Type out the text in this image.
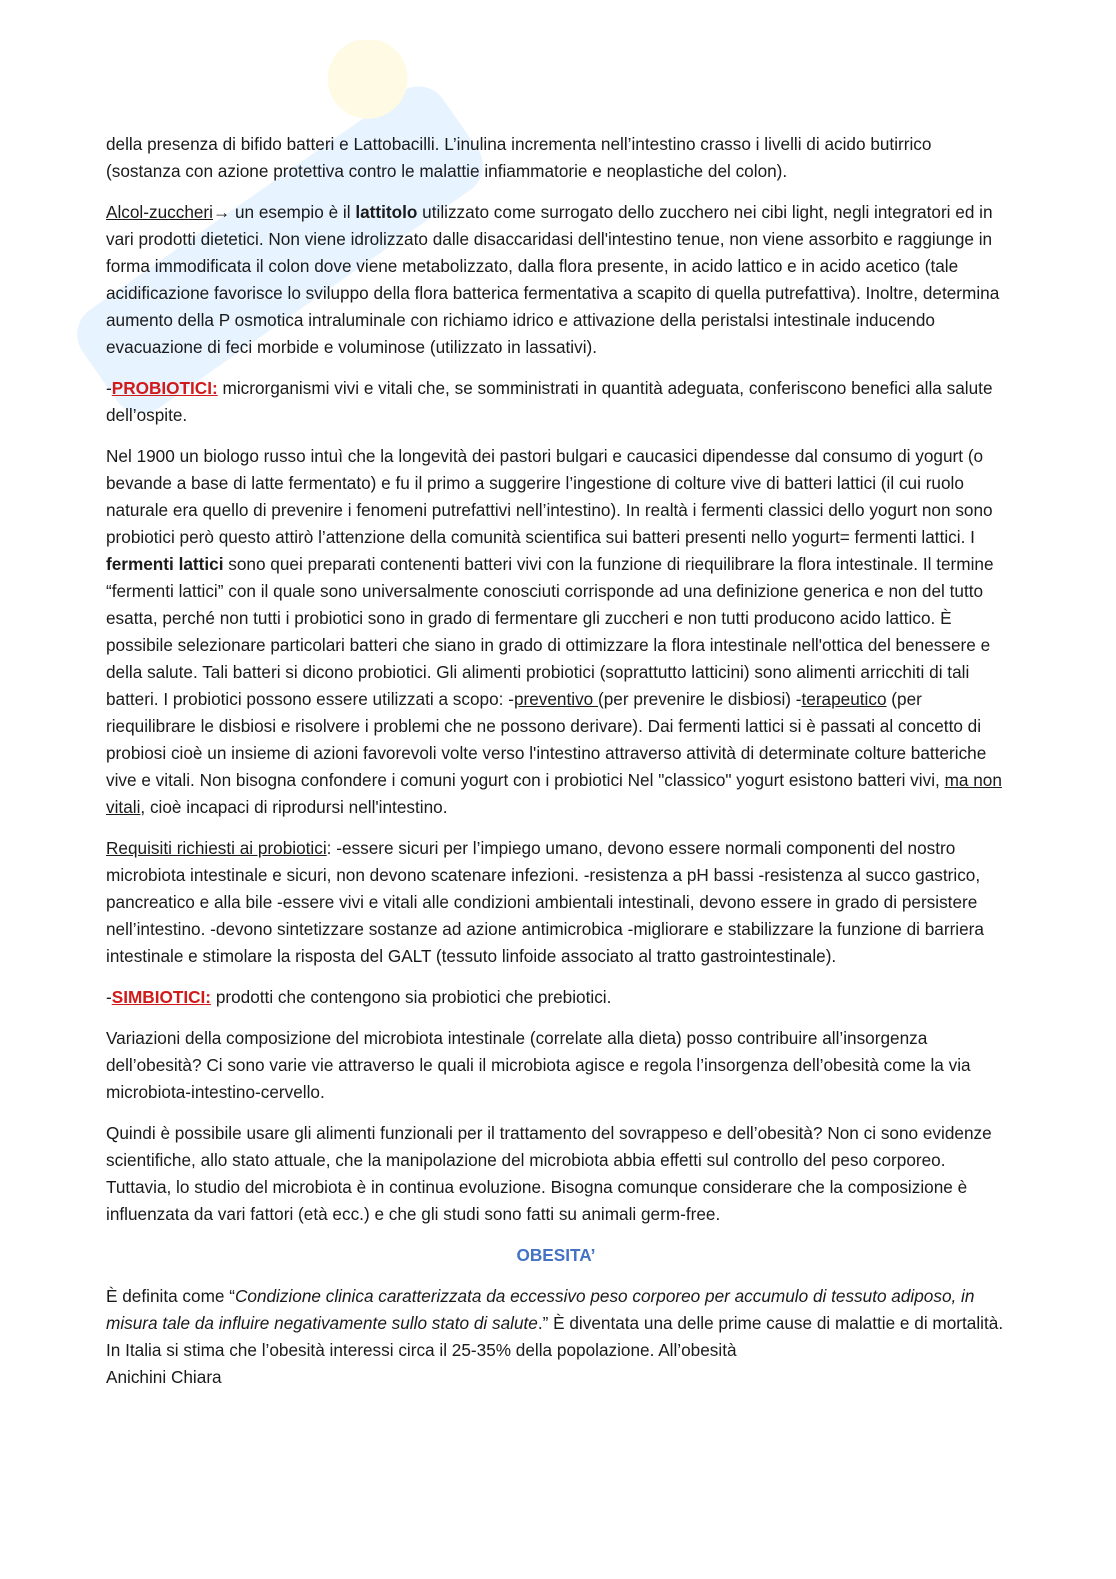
della presenza di bifido batteri e Lattobacilli. L’inulina incrementa nell’intestino crasso i livelli di acido butirrico (sostanza con azione protettiva contro le malattie infiammatorie e neoplastiche del colon).

Alcol-zuccheri→ un esempio è il lattitolo utilizzato come surrogato dello zucchero nei cibi light, negli integratori ed in vari prodotti dietetici. Non viene idrolizzato dalle disaccaridasi dell'intestino tenue, non viene assorbito e raggiunge in forma immodificata il colon dove viene metabolizzato, dalla flora presente, in acido lattico e in acido acetico (tale acidificazione favorisce lo sviluppo della flora batterica fermentativa a scapito di quella putrefattiva). Inoltre, determina aumento della P osmotica intraluminale con richiamo idrico e attivazione della peristalsi intestinale inducendo evacuazione di feci morbide e voluminose (utilizzato in lassativi).

-PROBIOTICI: microrganismi vivi e vitali che, se somministrati in quantità adeguata, conferiscono benefici alla salute dell’ospite.

Nel 1900 un biologo russo intuì che la longevità dei pastori bulgari e caucasici dipendesse dal consumo di yogurt (o bevande a base di latte fermentato) e fu il primo a suggerire l’ingestione di colture vive di batteri lattici (il cui ruolo naturale era quello di prevenire i fenomeni putrefattivi nell’intestino). In realtà i fermenti classici dello yogurt non sono probiotici però questo attirò l’attenzione della comunità scientifica sui batteri presenti nello yogurt= fermenti lattici. I fermenti lattici sono quei preparati contenenti batteri vivi con la funzione di riequilibrare la flora intestinale. Il termine “fermenti lattici” con il quale sono universalmente conosciuti corrisponde ad una definizione generica e non del tutto esatta, perché non tutti i probiotici sono in grado di fermentare gli zuccheri e non tutti producono acido lattico. È possibile selezionare particolari batteri che siano in grado di ottimizzare la flora intestinale nell'ottica del benessere e della salute. Tali batteri si dicono probiotici. Gli alimenti probiotici (soprattutto latticini) sono alimenti arricchiti di tali batteri. I probiotici possono essere utilizzati a scopo: -preventivo (per prevenire le disbiosi) -terapeutico (per riequilibrare le disbiosi e risolvere i problemi che ne possono derivare). Dai fermenti lattici si è passati al concetto di probiosi cioè un insieme di azioni favorevoli volte verso l'intestino attraverso attività di determinate colture batteriche vive e vitali. Non bisogna confondere i comuni yogurt con i probiotici Nel "classico" yogurt esistono batteri vivi, ma non vitali, cioè incapaci di riprodursi nell'intestino.

Requisiti richiesti ai probiotici: -essere sicuri per l’impiego umano, devono essere normali componenti del nostro microbiota intestinale e sicuri, non devono scatenare infezioni. -resistenza a pH bassi -resistenza al succo gastrico, pancreatico e alla bile -essere vivi e vitali alle condizioni ambientali intestinali, devono essere in grado di persistere nell’intestino. -devono sintetizzare sostanze ad azione antimicrobica -migliorare e stabilizzare la funzione di barriera intestinale e stimolare la risposta del GALT (tessuto linfoide associato al tratto gastrointestinale).

-SIMBIOTICI: prodotti che contengono sia probiotici che prebiotici.

Variazioni della composizione del microbiota intestinale (correlate alla dieta) posso contribuire all’insorgenza dell’obesità? Ci sono varie vie attraverso le quali il microbiota agisce e regola l’insorgenza dell’obesità come la via microbiota-intestino-cervello.

Quindi è possibile usare gli alimenti funzionali per il trattamento del sovrappeso e dell’obesità? Non ci sono evidenze scientifiche, allo stato attuale, che la manipolazione del microbiota abbia effetti sul controllo del peso corporeo. Tuttavia, lo studio del microbiota è in continua evoluzione. Bisogna comunque considerare che la composizione è influenzata da vari fattori (età ecc.) e che gli studi sono fatti su animali germ-free.

OBESITA’

È definita come “Condizione clinica caratterizzata da eccessivo peso corporeo per accumulo di tessuto adiposo, in misura tale da influire negativamente sullo stato di salute.” È diventata una delle prime cause di malattie e di mortalità. In Italia si stima che l’obesità interessi circa il 25-35% della popolazione. All’obesità

Anichini Chiara
